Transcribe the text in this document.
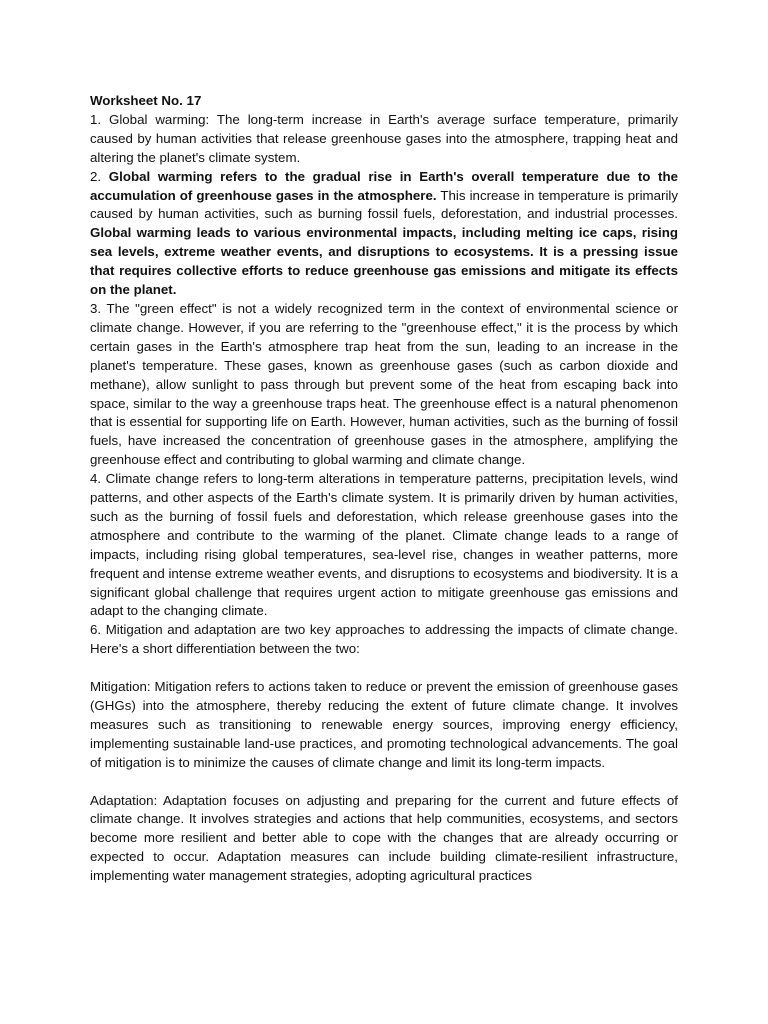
Worksheet No. 17

1. Global warming: The long-term increase in Earth's average surface temperature, primarily caused by human activities that release greenhouse gases into the atmosphere, trapping heat and altering the planet's climate system.

2. Global warming refers to the gradual rise in Earth's overall temperature due to the accumulation of greenhouse gases in the atmosphere. This increase in temperature is primarily caused by human activities, such as burning fossil fuels, deforestation, and industrial processes. Global warming leads to various environmental impacts, including melting ice caps, rising sea levels, extreme weather events, and disruptions to ecosystems. It is a pressing issue that requires collective efforts to reduce greenhouse gas emissions and mitigate its effects on the planet.

3. The "green effect" is not a widely recognized term in the context of environmental science or climate change. However, if you are referring to the "greenhouse effect," it is the process by which certain gases in the Earth's atmosphere trap heat from the sun, leading to an increase in the planet's temperature. These gases, known as greenhouse gases (such as carbon dioxide and methane), allow sunlight to pass through but prevent some of the heat from escaping back into space, similar to the way a greenhouse traps heat. The greenhouse effect is a natural phenomenon that is essential for supporting life on Earth. However, human activities, such as the burning of fossil fuels, have increased the concentration of greenhouse gases in the atmosphere, amplifying the greenhouse effect and contributing to global warming and climate change.

4. Climate change refers to long-term alterations in temperature patterns, precipitation levels, wind patterns, and other aspects of the Earth's climate system. It is primarily driven by human activities, such as the burning of fossil fuels and deforestation, which release greenhouse gases into the atmosphere and contribute to the warming of the planet. Climate change leads to a range of impacts, including rising global temperatures, sea-level rise, changes in weather patterns, more frequent and intense extreme weather events, and disruptions to ecosystems and biodiversity. It is a significant global challenge that requires urgent action to mitigate greenhouse gas emissions and adapt to the changing climate.

6. Mitigation and adaptation are two key approaches to addressing the impacts of climate change. Here's a short differentiation between the two:

Mitigation: Mitigation refers to actions taken to reduce or prevent the emission of greenhouse gases (GHGs) into the atmosphere, thereby reducing the extent of future climate change. It involves measures such as transitioning to renewable energy sources, improving energy efficiency, implementing sustainable land-use practices, and promoting technological advancements. The goal of mitigation is to minimize the causes of climate change and limit its long-term impacts.

Adaptation: Adaptation focuses on adjusting and preparing for the current and future effects of climate change. It involves strategies and actions that help communities, ecosystems, and sectors become more resilient and better able to cope with the changes that are already occurring or expected to occur. Adaptation measures can include building climate-resilient infrastructure, implementing water management strategies, adopting agricultural practices
